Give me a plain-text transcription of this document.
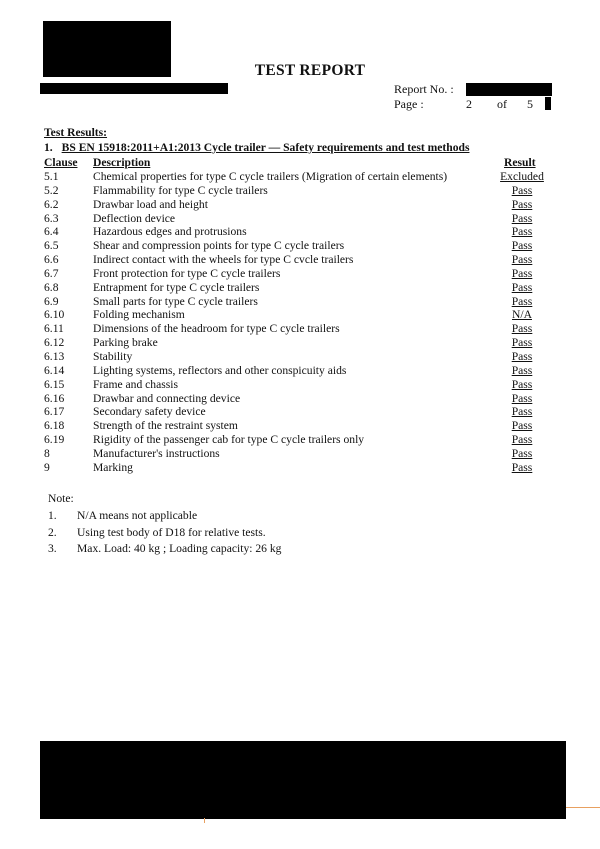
TEST REPORT
Report No. :
Page :	2 of 5
Test Results:
1. BS EN 15918:2011+A1:2013 Cycle trailer — Safety requirements and test methods
Clause Description	Result
5.1	Chemical properties for type C cycle trailers (Migration of certain elements)	Excluded
5.2	Flammability for type C cycle trailers	Pass
6.2	Drawbar load and height	Pass
6.3	Deflection device	Pass
6.4	Hazardous edges and protrusions	Pass
6.5	Shear and compression points for type C cycle trailers	Pass
6.6	Indirect contact with the wheels for type C cvcle trailers	Pass
6.7	Front protection for type C cycle trailers	Pass
6.8	Entrapment for type C cycle trailers	Pass
6.9	Small parts for type C cycle trailers	Pass
6.10	Folding mechanism	N/A
6.11	Dimensions of the headroom for type C cycle trailers	Pass
6.12	Parking brake	Pass
6.13	Stability	Pass
6.14	Lighting systems, reflectors and other conspicuity aids	Pass
6.15	Frame and chassis	Pass
6.16	Drawbar and connecting device	Pass
6.17	Secondary safety device	Pass
6.18	Strength of the restraint system	Pass
6.19	Rigidity of the passenger cab for type C cycle trailers only	Pass
8	Manufacturer's instructions	Pass
9	Marking	Pass
Note:
1. N/A means not applicable
2. Using test body of D18 for relative tests.
3. Max. Load: 40 kg ; Loading capacity: 26 kg
